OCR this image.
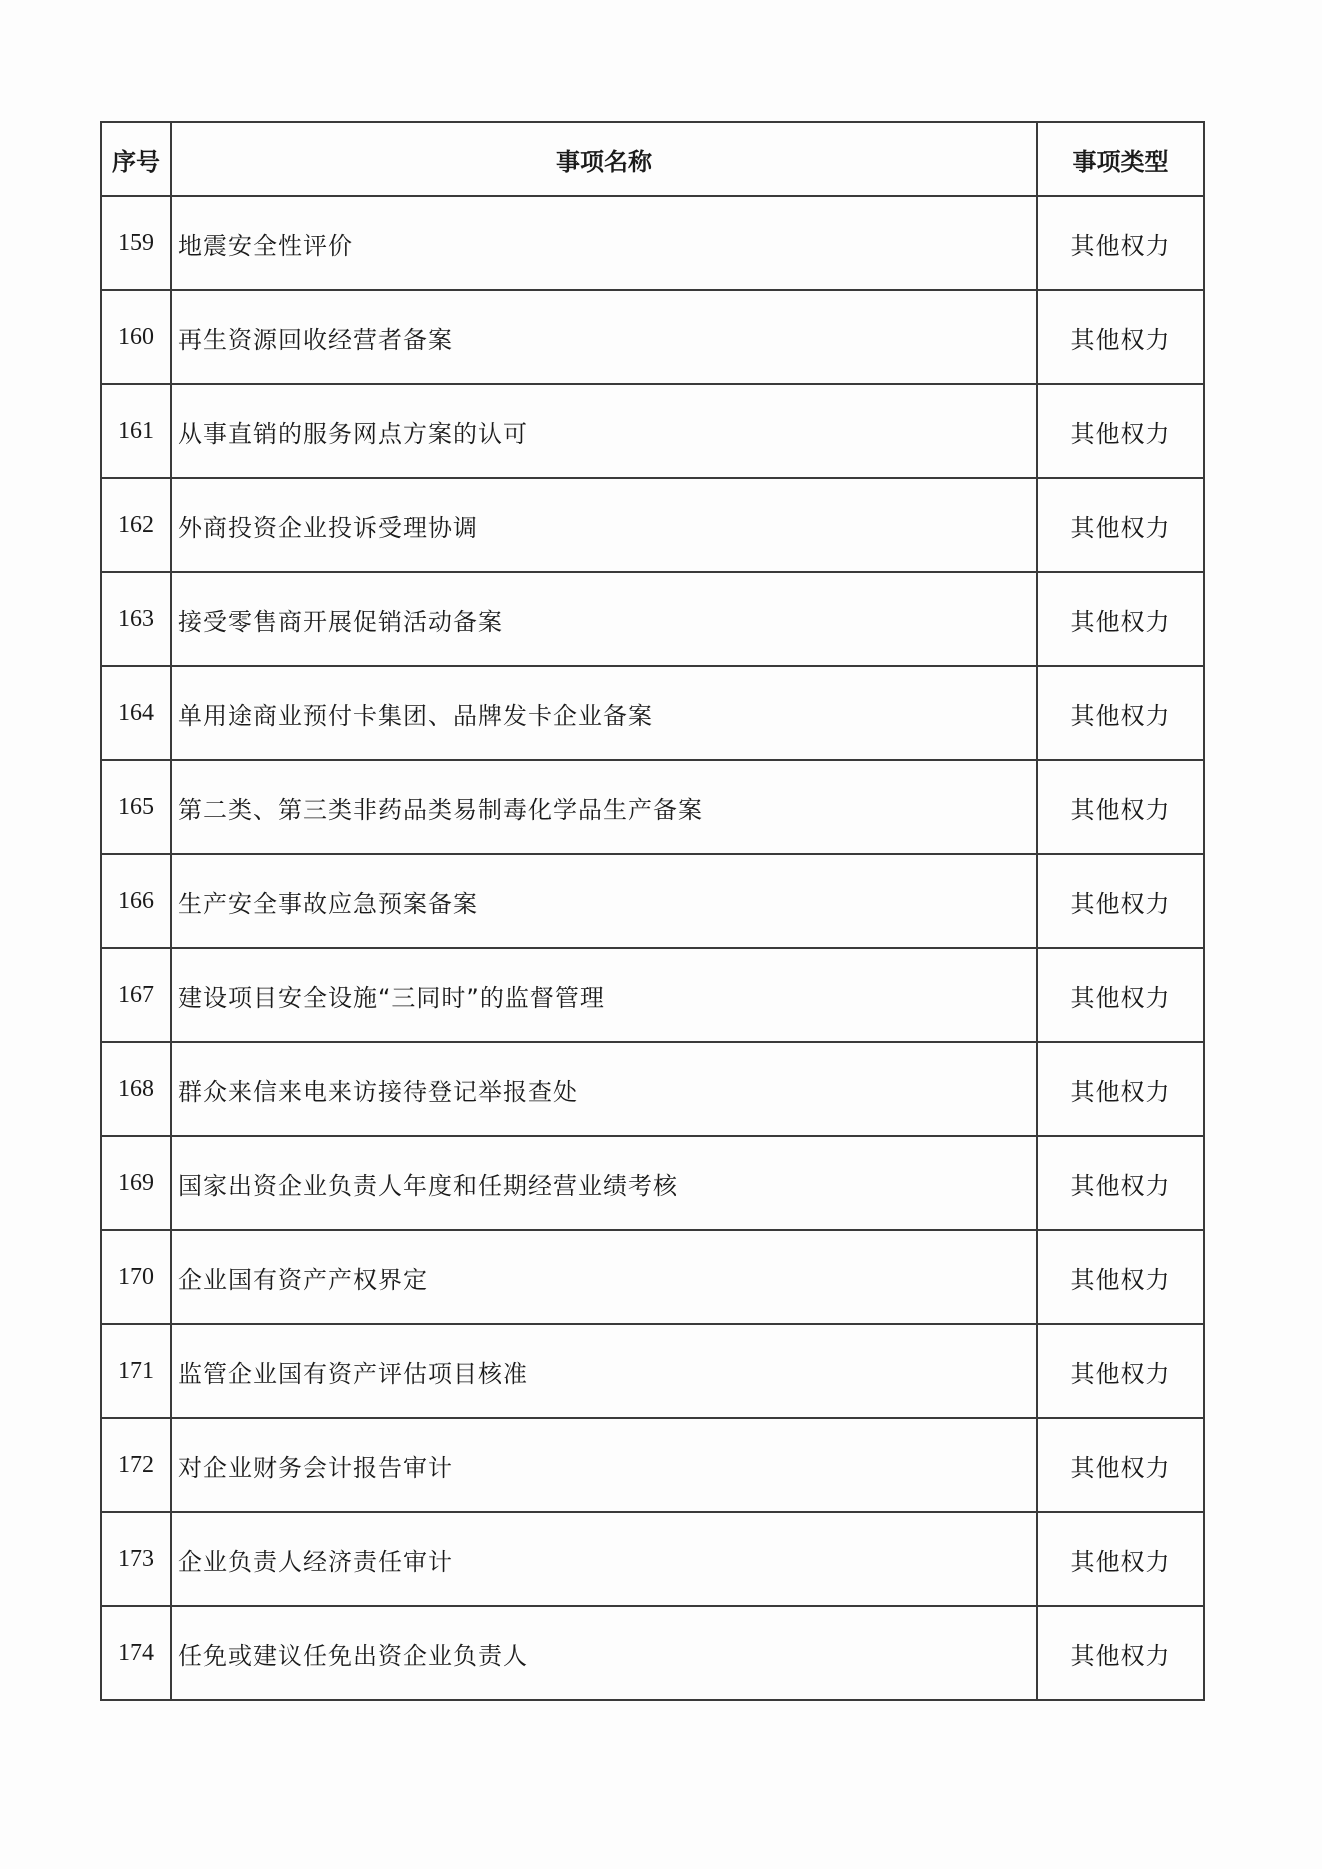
序号	事项名称	事项类型
159	地震安全性评价	其他权力
160	再生资源回收经营者备案	其他权力
161	从事直销的服务网点方案的认可	其他权力
162	外商投资企业投诉受理协调	其他权力
163	接受零售商开展促销活动备案	其他权力
164	单用途商业预付卡集团、品牌发卡企业备案	其他权力
165	第二类、第三类非药品类易制毒化学品生产备案	其他权力
166	生产安全事故应急预案备案	其他权力
167	建设项目安全设施“三同时”的监督管理	其他权力
168	群众来信来电来访接待登记举报查处	其他权力
169	国家出资企业负责人年度和任期经营业绩考核	其他权力
170	企业国有资产产权界定	其他权力
171	监管企业国有资产评估项目核准	其他权力
172	对企业财务会计报告审计	其他权力
173	企业负责人经济责任审计	其他权力
174	任免或建议任免出资企业负责人	其他权力
